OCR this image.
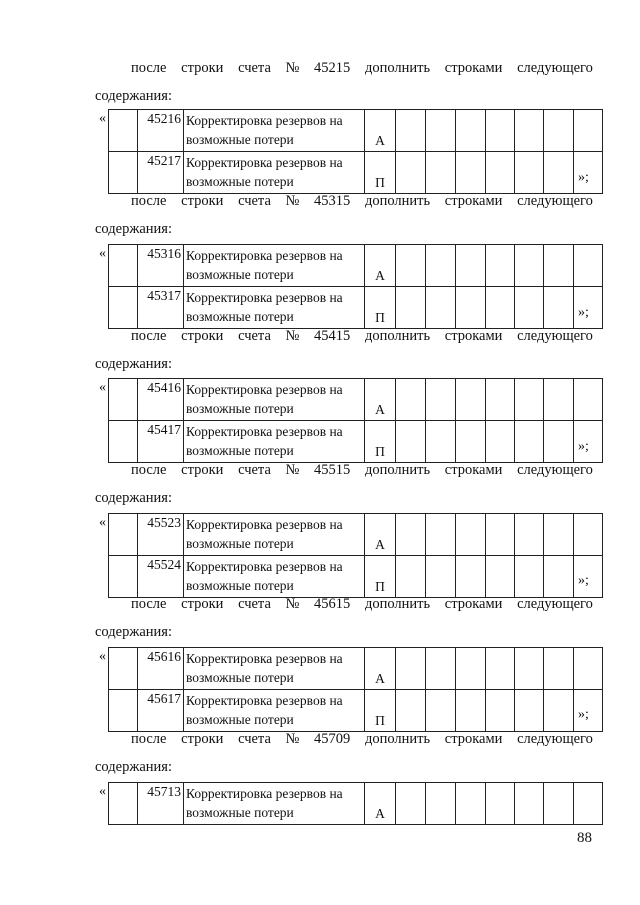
после строки счета № 45215 дополнить строками следующего
содержания:
«
		45216	Корректировка резервов на
возможные потери	А							
	45217	Корректировка резервов на
возможные потери	П								»;
после строки счета № 45315 дополнить строками следующего
содержания:
«
		45316	Корректировка резервов на
возможные потери	А							
	45317	Корректировка резервов на
возможные потери	П								»;
после строки счета № 45415 дополнить строками следующего
содержания:
«
		45416	Корректировка резервов на
возможные потери	А							
	45417	Корректировка резервов на
возможные потери	П								»;
после строки счета № 45515 дополнить строками следующего
содержания:
«
		45523	Корректировка резервов на
возможные потери	А							
	45524	Корректировка резервов на
возможные потери	П								»;
после строки счета № 45615 дополнить строками следующего
содержания:
«
		45616	Корректировка резервов на
возможные потери	А							
	45617	Корректировка резервов на
возможные потери	П								»;
после строки счета № 45709 дополнить строками следующего
содержания:
«
		45713	Корректировка резервов на
возможные потери	А							
88
